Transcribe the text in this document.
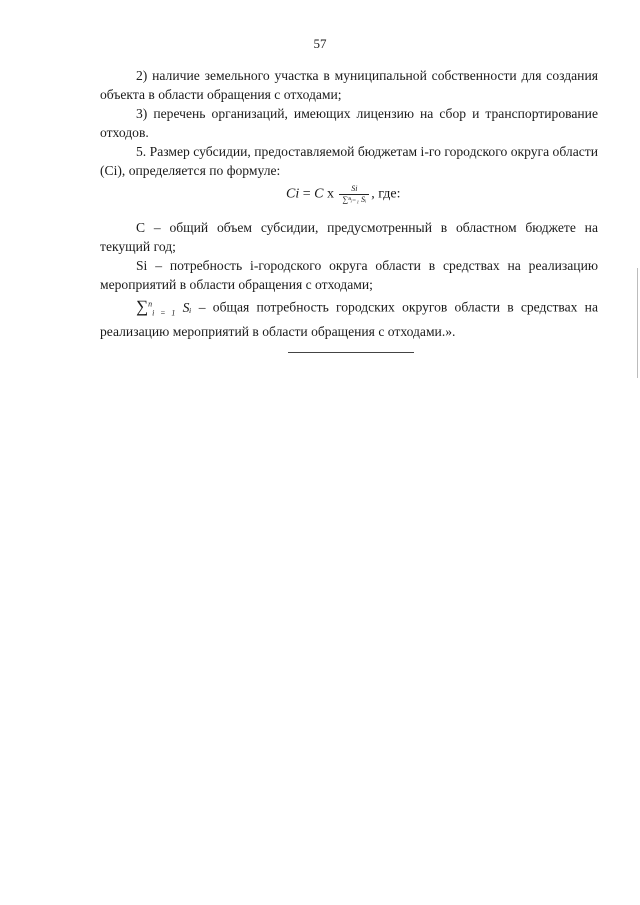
57

2) наличие земельного участка в муниципальной собственности для создания объекта в области обращения с отходами;

3) перечень организаций, имеющих лицензию на сбор и транспортирование отходов.

5. Размер субсидии, предоставляемой бюджетам i-го городского округа области (Ci), определяется по формуле:

Ci = C x $\frac{Si}{\text{∑ⁿᵢ₌₁ Sᵢ}}$ , где:

C – общий объем субсидии, предусмотренный в областном бюджете на текущий год;

Si – потребность i-городского округа области в средствах на реализацию мероприятий в области обращения с отходами;

∑$^n_{i = 1}$ Sᵢ – общая потребность городских округов области в средствах на реализацию мероприятий в области обращения с отходами.».
